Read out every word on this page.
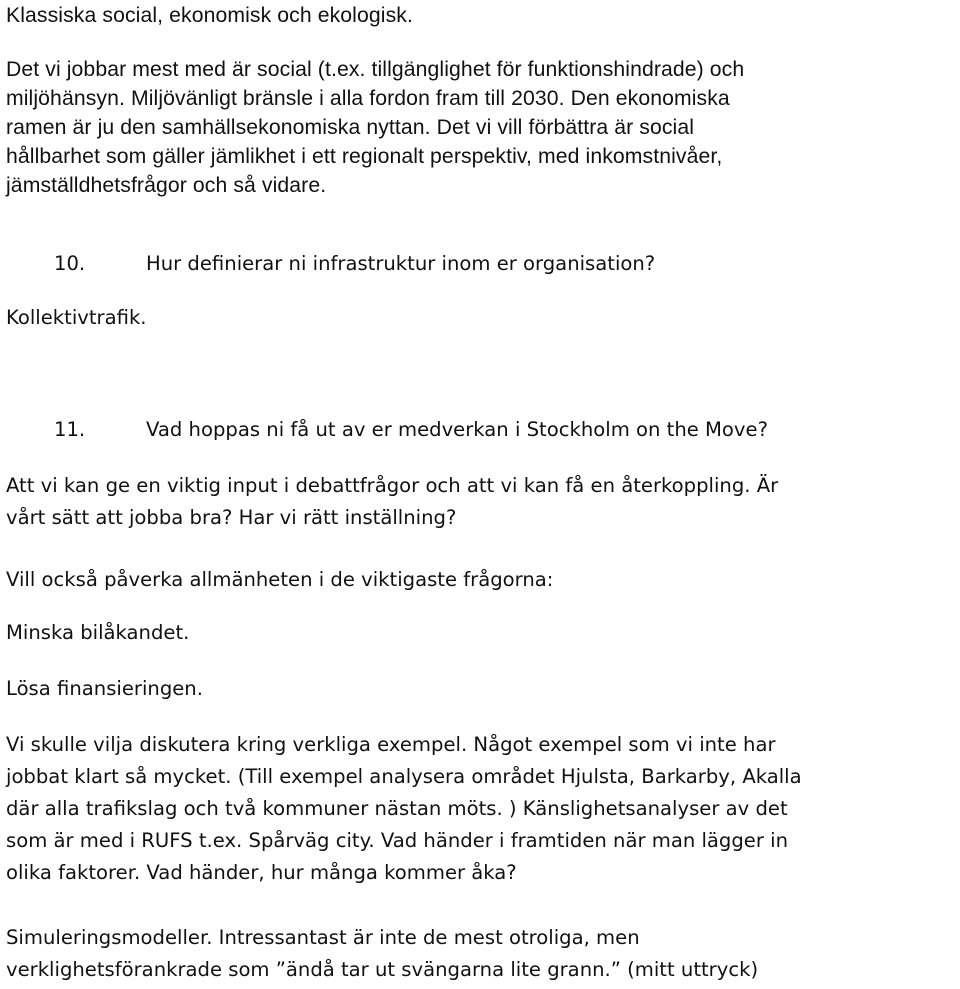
Klassiska social, ekonomisk och ekologisk.

Det vi jobbar mest med är social (t.ex. tillgänglighet för funktionshindrade) och
miljöhänsyn. Miljövänligt bränsle i alla fordon fram till 2030. Den ekonomiska
ramen är ju den samhällsekonomiska nyttan. Det vi vill förbättra är social
hållbarhet som gäller jämlikhet i ett regionalt perspektiv, med inkomstnivåer,
jämställdhetsfrågor och så vidare.

10.	Hur definierar ni infrastruktur inom er organisation?

Kollektivtrafik.

11.	Vad hoppas ni få ut av er medverkan i Stockholm on the Move?

Att vi kan ge en viktig input i debattfrågor och att vi kan få en återkoppling. Är
vårt sätt att jobba bra? Har vi rätt inställning?

Vill också påverka allmänheten i de viktigaste frågorna:

Minska bilåkandet.

Lösa finansieringen.

Vi skulle vilja diskutera kring verkliga exempel. Något exempel som vi inte har
jobbat klart så mycket. (Till exempel analysera området Hjulsta, Barkarby, Akalla
där alla trafikslag och två kommuner nästan möts. ) Känslighetsanalyser av det
som är med i RUFS t.ex. Spårväg city. Vad händer i framtiden när man lägger in
olika faktorer. Vad händer, hur många kommer åka?

Simuleringsmodeller. Intressantast är inte de mest otroliga, men
verklighetsförankrade som ”ändå tar ut svängarna lite grann.” (mitt uttryck)
